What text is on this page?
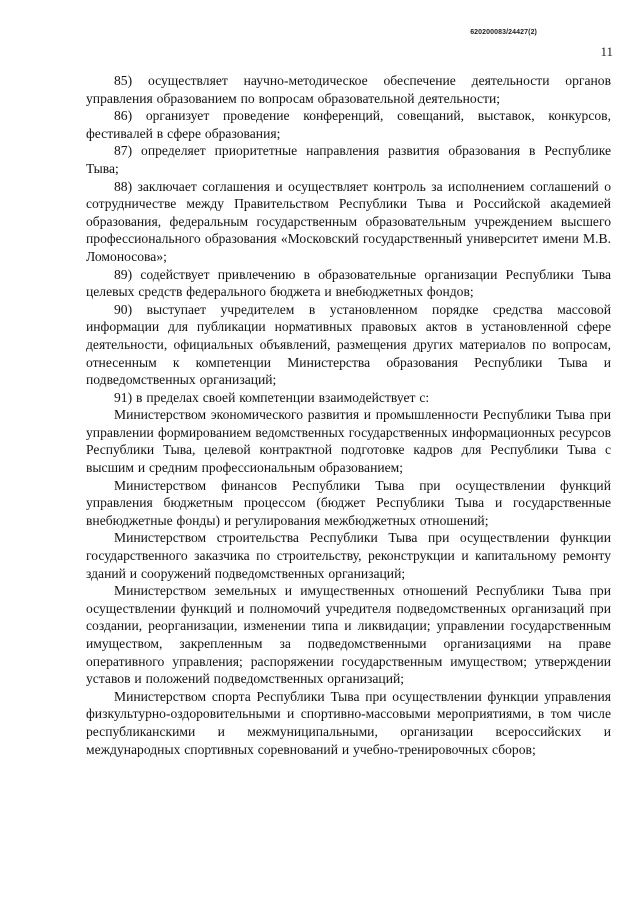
620200083/24427(2)
11

85) осуществляет научно-методическое обеспечение деятельности органов управления образованием по вопросам образовательной деятельности;

86) организует проведение конференций, совещаний, выставок, конкурсов, фестивалей в сфере образования;

87) определяет приоритетные направления развития образования в Республике Тыва;

88) заключает соглашения и осуществляет контроль за исполнением соглашений о сотрудничестве между Правительством Республики Тыва и Российской академией образования, федеральным государственным образовательным учреждением высшего профессионального образования «Московский государственный университет имени М.В. Ломоносова»;

89) содействует привлечению в образовательные организации Республики Тыва целевых средств федерального бюджета и внебюджетных фондов;

90) выступает учредителем в установленном порядке средства массовой информации для публикации нормативных правовых актов в установленной сфере деятельности, официальных объявлений, размещения других материалов по вопросам, отнесенным к компетенции Министерства образования Республики Тыва и подведомственных организаций;

91) в пределах своей компетенции взаимодействует с:

Министерством экономического развития и промышленности Республики Тыва при управлении формированием ведомственных государственных информационных ресурсов Республики Тыва, целевой контрактной подготовке кадров для Республики Тыва с высшим и средним профессиональным образованием;

Министерством финансов Республики Тыва при осуществлении функций управления бюджетным процессом (бюджет Республики Тыва и государственные внебюджетные фонды) и регулирования межбюджетных отношений;

Министерством строительства Республики Тыва при осуществлении функции государственного заказчика по строительству, реконструкции и капитальному ремонту зданий и сооружений подведомственных организаций;

Министерством земельных и имущественных отношений Республики Тыва при осуществлении функций и полномочий учредителя подведомственных организаций при создании, реорганизации, изменении типа и ликвидации; управлении государственным имуществом, закрепленным за подведомственными организациями на праве оперативного управления; распоряжении государственным имуществом; утверждении уставов и положений подведомственных организаций;

Министерством спорта Республики Тыва при осуществлении функции управления физкультурно-оздоровительными и спортивно-массовыми мероприятиями, в том числе республиканскими и межмуниципальными, организации всероссийских и международных спортивных соревнований и учебно-тренировочных сборов;
